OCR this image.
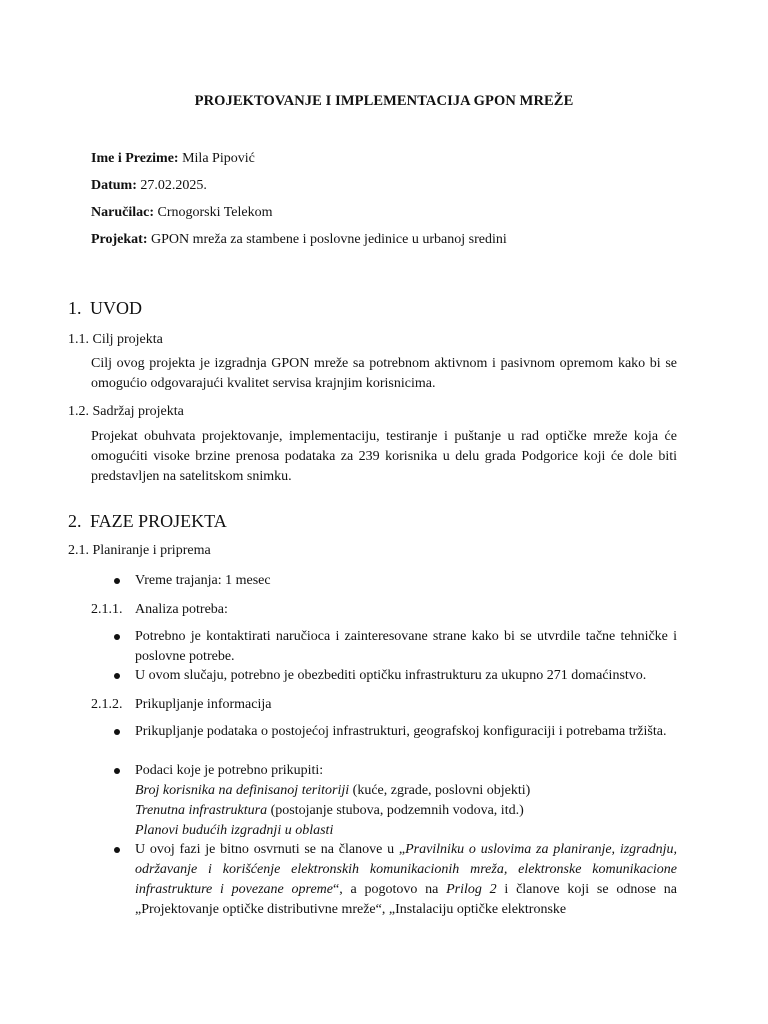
PROJEKTOVANJE I IMPLEMENTACIJA GPON MREŽE
Ime i Prezime: Mila Pipović
Datum: 27.02.2025.
Naručilac: Crnogorski Telekom
Projekat: GPON mreža za stambene i poslovne jedinice u urbanoj sredini
1. UVOD
1.1. Cilj projekta
Cilj ovog projekta je izgradnja GPON mreže sa potrebnom aktivnom i pasivnom opremom kako bi se omogućio odgovarajući kvalitet servisa krajnjim korisnicima.
1.2. Sadržaj projekta
Projekat obuhvata projektovanje, implementaciju, testiranje i puštanje u rad optičke mreže koja će omogućiti visoke brzine prenosa podataka za 239 korisnika u delu grada Podgorice koji će dole biti predstavljen na satelitskom snimku.
2. FAZE PROJEKTA
2.1. Planiranje i priprema
Vreme trajanja: 1 mesec
2.1.1. Analiza potreba:
Potrebno je kontaktirati naručioca i zainteresovane strane kako bi se utvrdile tačne tehničke i poslovne potrebe.
U ovom slučaju, potrebno je obezbediti optičku infrastrukturu za ukupno 271 domaćinstvo.
2.1.2. Prikupljanje informacija
Prikupljanje podataka o postojećoj infrastrukturi, geografskoj konfiguraciji i potrebama tržišta.
Podaci koje je potrebno prikupiti:
Broj korisnika na definisanoj teritoriji (kuće, zgrade, poslovni objekti)
Trenutna infrastruktura (postojanje stubova, podzemnih vodova, itd.)
Planovi budućih izgradnji u oblasti
U ovoj fazi je bitno osvrnuti se na članove u „Pravilniku o uslovima za planiranje, izgradnju, održavanje i korišćenje elektronskih komunikacionih mreža, elektronske komunikacione infrastrukture i povezane opreme“, a pogotovo na Prilog 2 i članove koji se odnose na „Projektovanje optičke distributivne mreže“, „Instalaciju optičke elektronske
